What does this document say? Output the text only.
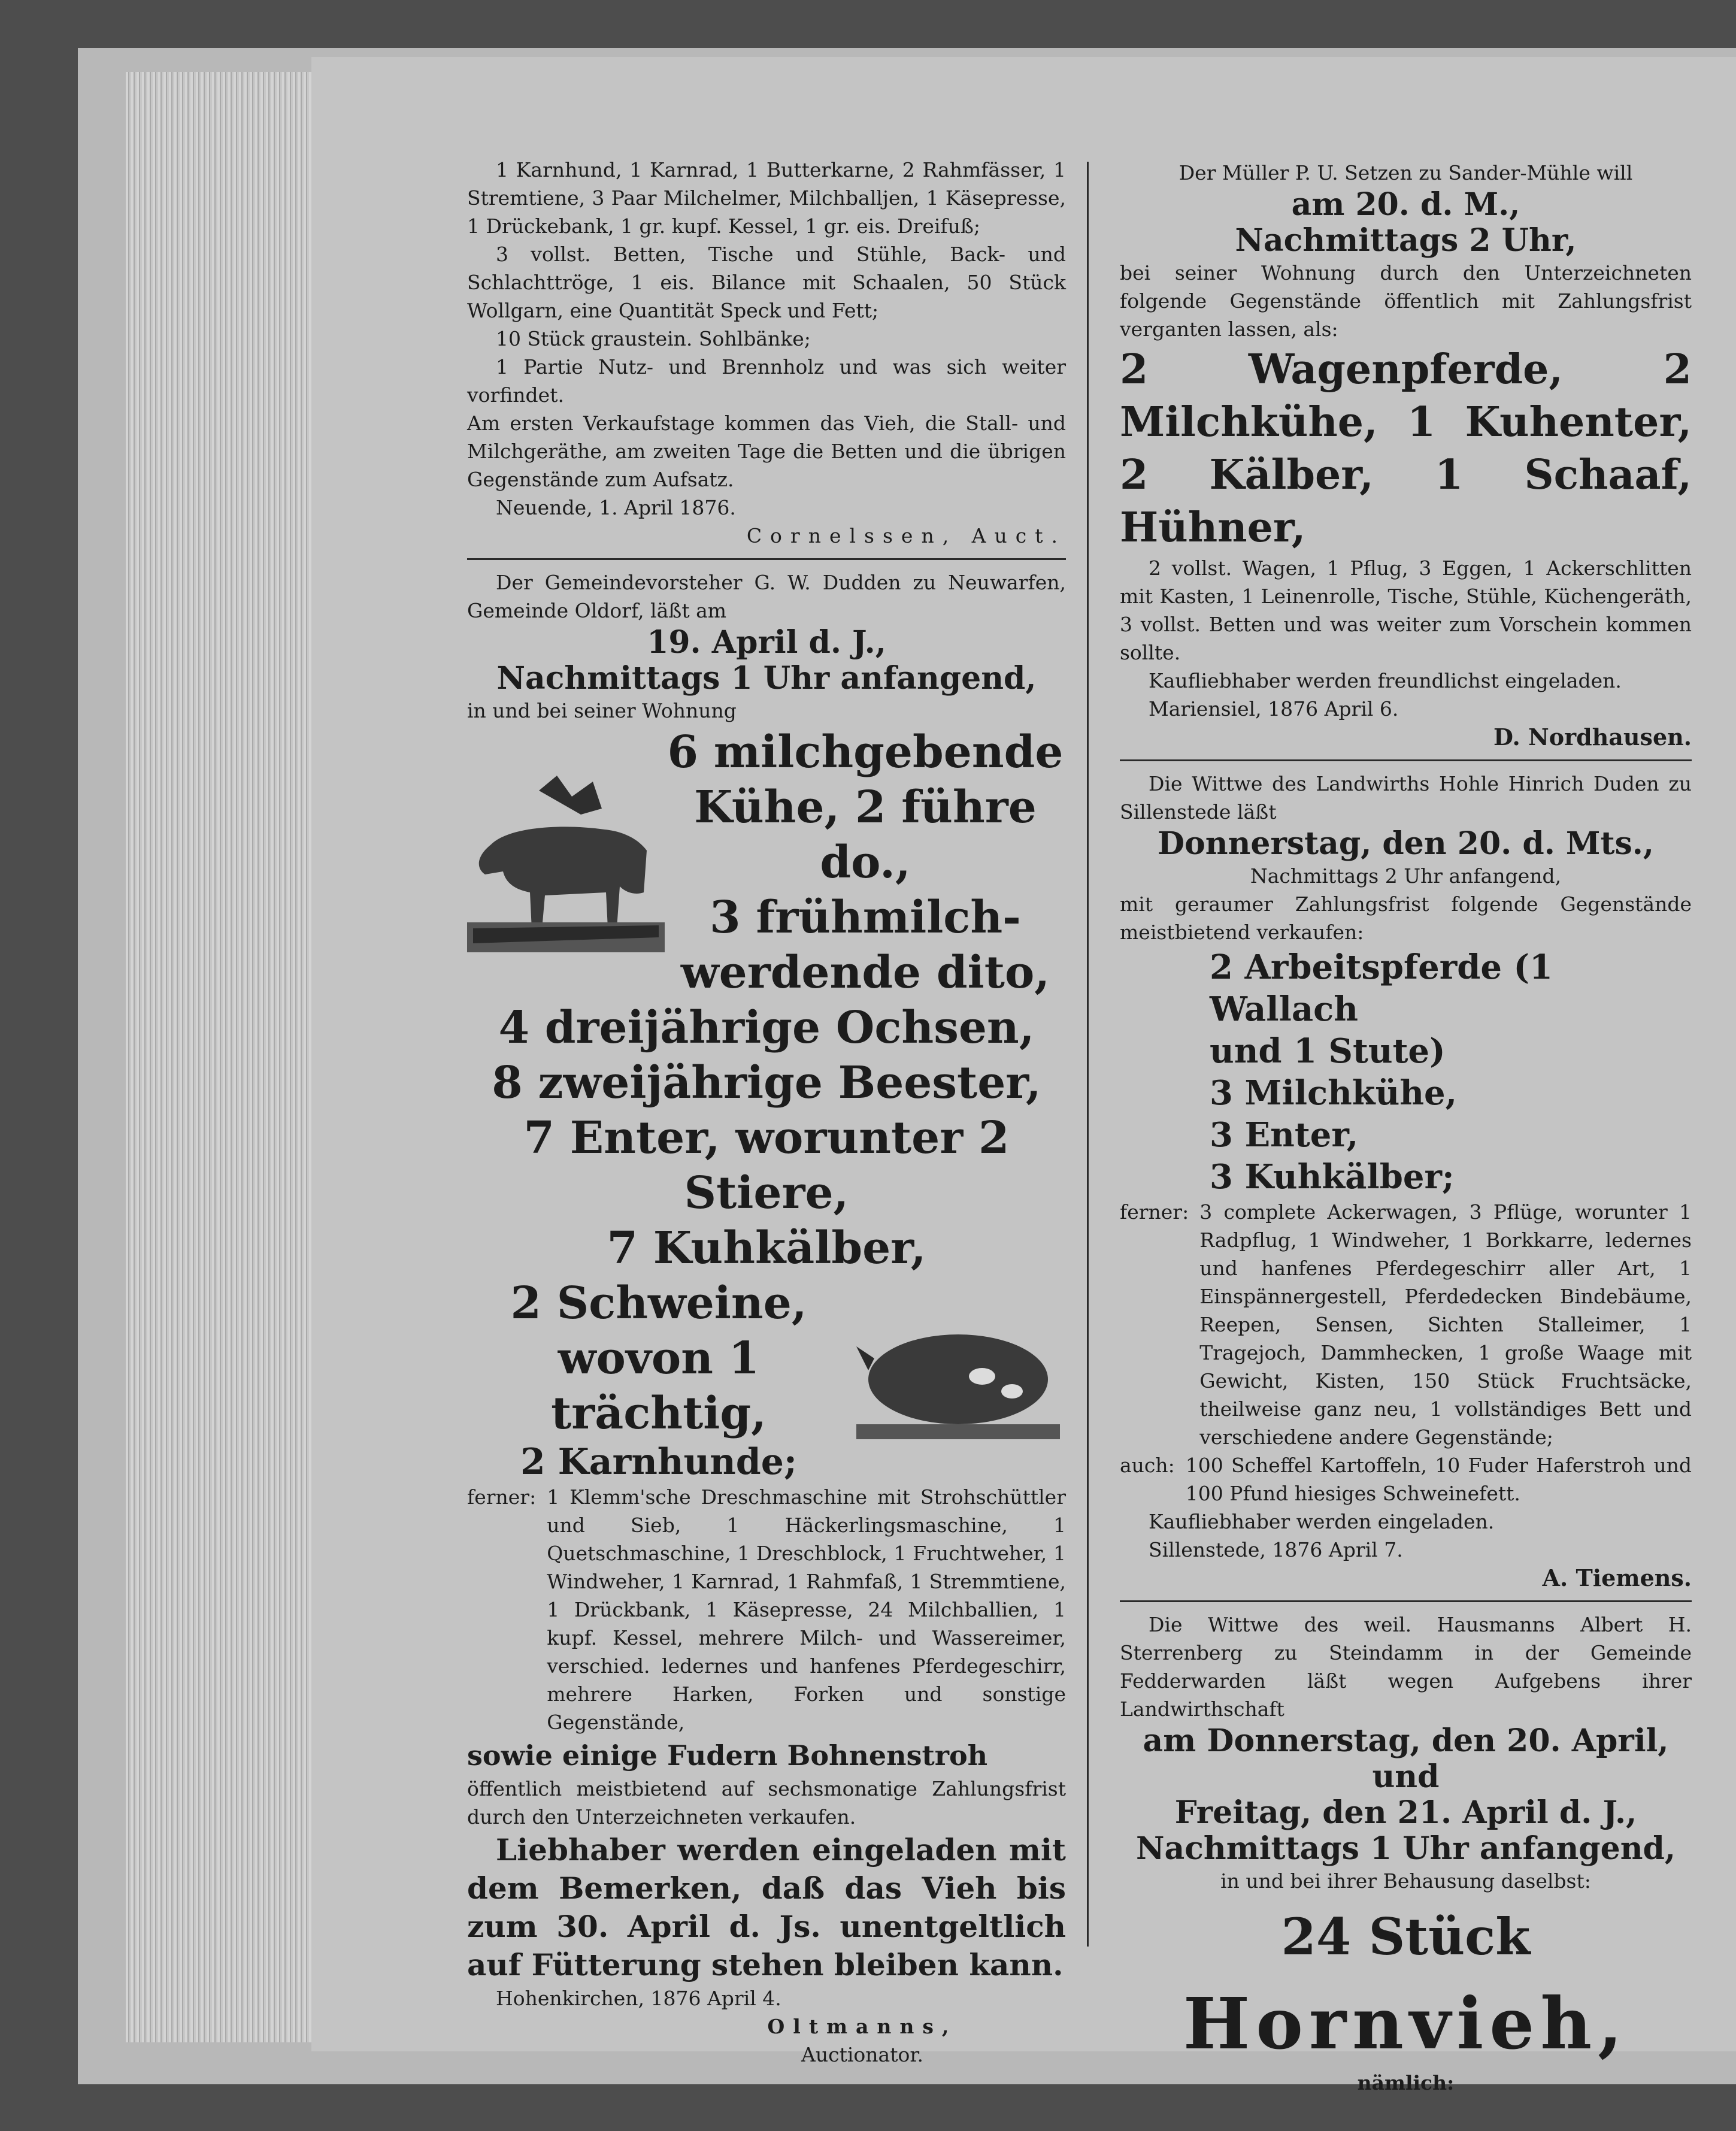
1 Karnhund, 1 Karnrad, 1 Butterkarne, 2 Rahmfässer, 1 Stremtiene, 3 Paar Milchelmer, Milchballjen, 1 Käsepresse, 1 Drückebank, 1 gr. kupf. Kessel, 1 gr. eis. Dreifuß;

3 vollst. Betten, Tische und Stühle, Back- und Schlachttröge, 1 eis. Bilance mit Schaalen, 50 Stück Wollgarn, eine Quantität Speck und Fett;

10 Stück graustein. Sohlbänke;

1 Partie Nutz- und Brennholz und was sich weiter vorfindet.

Am ersten Verkaufstage kommen das Vieh, die Stall- und Milchgeräthe, am zweiten Tage die Betten und die übrigen Gegenstände zum Aufsatz.

Neuende, 1. April 1876.

Cornelssen, Auct.

Der Gemeindevorsteher G. W. Dudden zu Neuwarfen, Gemeinde Oldorf, läßt am

19. April d. J.,

Nachmittags 1 Uhr anfangend,

in und bei seiner Wohnung

6 milchgebende

Kühe, 2 führe do.,

3 frühmilch-

werdende dito,

4 dreijährige Ochsen,

8 zweijährige Beester,

7 Enter, worunter 2 Stiere,

7 Kuhkälber,

2 Schweine,

wovon 1 trächtig,

2 Karnhunde;

ferner: 1 Klemm'sche Dreschmaschine mit Strohschüttler und Sieb, 1 Häckerlingsmaschine, 1 Quetschmaschine, 1 Dreschblock, 1 Fruchtweher, 1 Windweher, 1 Karnrad, 1 Rahmfaß, 1 Stremmtiene, 1 Drückbank, 1 Käsepresse, 24 Milchballien, 1 kupf. Kessel, mehrere Milch- und Wassereimer, verschied. ledernes und hanfenes Pferdegeschirr, mehrere Harken, Forken und sonstige Gegenstände,

sowie einige Fudern Bohnenstroh

öffentlich meistbietend auf sechsmonatige Zahlungsfrist durch den Unterzeichneten verkaufen.

Liebhaber werden eingeladen mit dem Bemerken, daß das Vieh bis zum 30. April d. Js. unentgeltlich auf Fütterung stehen bleiben kann.

Hohenkirchen, 1876 April 4.

Oltmanns,

Auctionator.

Der Müller P. U. Setzen zu Sander-Mühle will

am 20. d. M.,

Nachmittags 2 Uhr,

bei seiner Wohnung durch den Unterzeichneten folgende Gegenstände öffentlich mit Zahlungsfrist verganten lassen, als:

2 Wagenpferde, 2 Milchkühe, 1 Kuhenter, 2 Kälber, 1 Schaaf, Hühner,

2 vollst. Wagen, 1 Pflug, 3 Eggen, 1 Ackerschlitten mit Kasten, 1 Leinenrolle, Tische, Stühle, Küchengeräth, 3 vollst. Betten und was weiter zum Vorschein kommen sollte.

Kaufliebhaber werden freundlichst eingeladen.

Mariensiel, 1876 April 6.

D. Nordhausen.

Die Wittwe des Landwirths Hohle Hinrich Duden zu Sillenstede läßt

Donnerstag, den 20. d. Mts.,

Nachmittags 2 Uhr anfangend,

mit geraumer Zahlungsfrist folgende Gegenstände meistbietend verkaufen:

2 Arbeitspferde (1 Wallach

und 1 Stute)

3 Milchkühe,

3 Enter,

3 Kuhkälber;

ferner: 3 complete Ackerwagen, 3 Pflüge, worunter 1 Radpflug, 1 Windweher, 1 Borkkarre, ledernes und hanfenes Pferdegeschirr aller Art, 1 Einspännergestell, Pferdedecken Bindebäume, Reepen, Sensen, Sichten Stalleimer, 1 Tragejoch, Dammhecken, 1 große Waage mit Gewicht, Kisten, 150 Stück Fruchtsäcke, theilweise ganz neu, 1 vollständiges Bett und verschiedene andere Gegenstände;

auch: 100 Scheffel Kartoffeln, 10 Fuder Haferstroh und 100 Pfund hiesiges Schweinefett.

Kaufliebhaber werden eingeladen.

Sillenstede, 1876 April 7.

A. Tiemens.

Die Wittwe des weil. Hausmanns Albert H. Sterrenberg zu Steindamm in der Gemeinde Fedderwarden läßt wegen Aufgebens ihrer Landwirthschaft

am Donnerstag, den 20. April, und

Freitag, den 21. April d. J.,

Nachmittags 1 Uhr anfangend,

in und bei ihrer Behausung daselbst:

24 Stück

Hornvieh,

nämlich:
